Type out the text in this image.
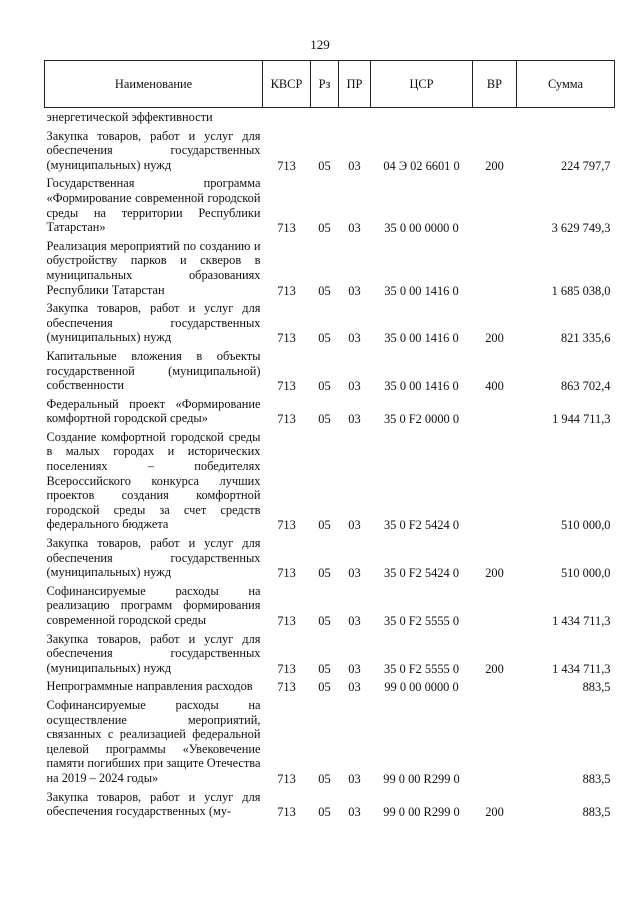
129
Наименование	КВСР	Рз	ПР	ЦСР	ВР	Сумма
энергетической эффективности						
Закупка товаров, работ и услуг для обеспечения государственных (муниципальных) нужд	713	05	03	04 Э 02 6601 0	200	224 797,7
Государственная программа «Формирование современной городской среды на территории Республики Татарстан»	713	05	03	35 0 00 0000 0		3 629 749,3
Реализация мероприятий по созданию и обустройству парков и скверов в муниципальных образованиях Республики Татарстан	713	05	03	35 0 00 1416 0		1 685 038,0
Закупка товаров, работ и услуг для обеспечения государственных (муниципальных) нужд	713	05	03	35 0 00 1416 0	200	821 335,6
Капитальные вложения в объекты государственной (муниципальной) собственности	713	05	03	35 0 00 1416 0	400	863 702,4
Федеральный проект «Формирование комфортной городской среды»	713	05	03	35 0 F2 0000 0		1 944 711,3
Создание комфортной городской среды в малых городах и исторических поселениях – победителях Всероссийского конкурса лучших проектов создания комфортной городской среды за счет средств федерального бюджета	713	05	03	35 0 F2 5424 0		510 000,0
Закупка товаров, работ и услуг для обеспечения государственных (муниципальных) нужд	713	05	03	35 0 F2 5424 0	200	510 000,0
Софинансируемые расходы на реализацию программ формирования современной городской среды	713	05	03	35 0 F2 5555 0		1 434 711,3
Закупка товаров, работ и услуг для обеспечения государственных (муниципальных) нужд	713	05	03	35 0 F2 5555 0	200	1 434 711,3
Непрограммные направления расходов	713	05	03	99 0 00 0000 0		883,5
Софинансируемые расходы на осуществление мероприятий, связанных с реализацией федеральной целевой программы «Увековечение памяти погибших при защите Отечества на 2019 – 2024 годы»	713	05	03	99 0 00 R299 0		883,5
Закупка товаров, работ и услуг для обеспечения государственных (му-	713	05	03	99 0 00 R299 0	200	883,5
